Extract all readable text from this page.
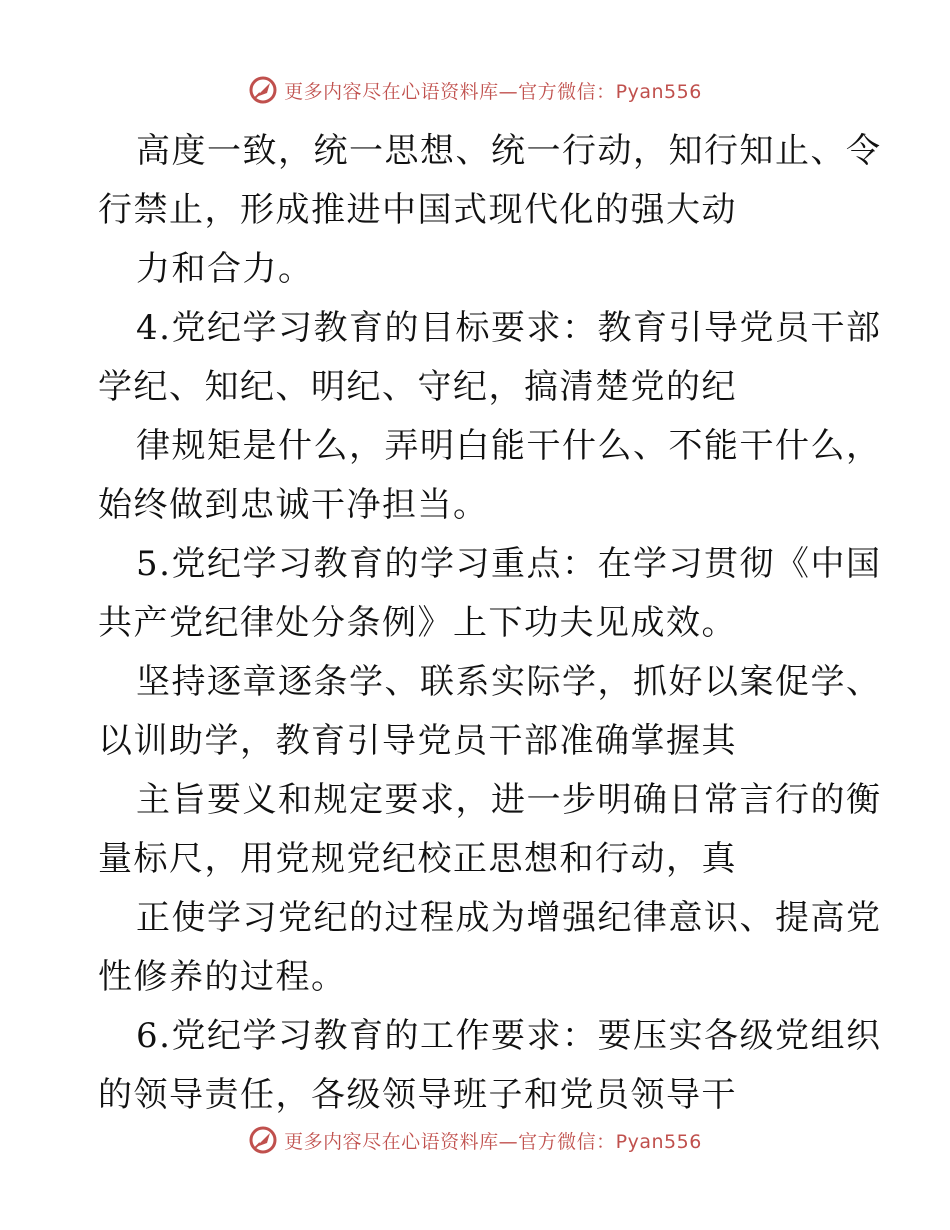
更多内容尽在心语资料库—官方微信：Pyan556
高度一致，统一思想、统一行动，知行知止、令
行禁止，形成推进中国式现代化的强大动
力和合力。
4.党纪学习教育的目标要求：教育引导党员干部
学纪、知纪、明纪、守纪，搞清楚党的纪
律规矩是什么，弄明白能干什么、不能干什么，
始终做到忠诚干净担当。
5.党纪学习教育的学习重点：在学习贯彻《中国
共产党纪律处分条例》上下功夫见成效。
坚持逐章逐条学、联系实际学，抓好以案促学、
以训助学，教育引导党员干部准确掌握其
主旨要义和规定要求，进一步明确日常言行的衡
量标尺，用党规党纪校正思想和行动，真
正使学习党纪的过程成为增强纪律意识、提高党
性修养的过程。
6.党纪学习教育的工作要求：要压实各级党组织
的领导责任，各级领导班子和党员领导干
更多内容尽在心语资料库—官方微信：Pyan556
